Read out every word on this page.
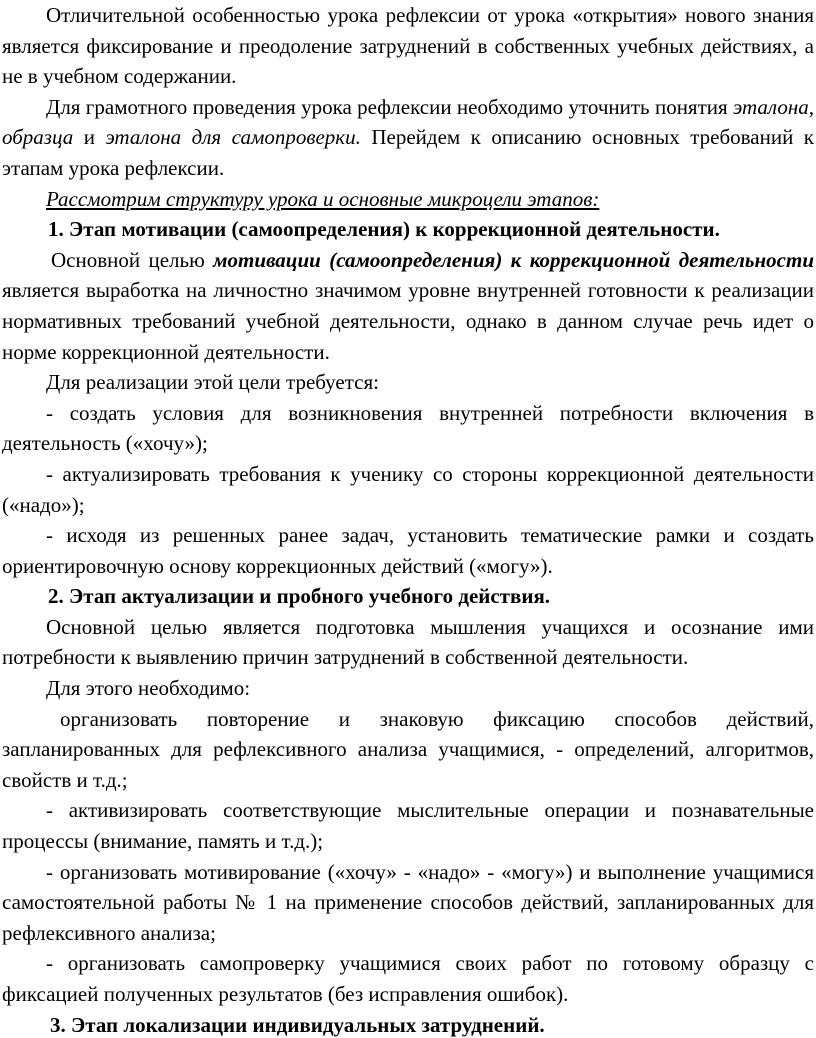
Отличительной особенностью урока рефлексии от урока «открытия» нового знания является фиксирование и преодоление затруднений в собственных учебных действиях, а не в учебном содержании.

Для грамотного проведения урока рефлексии необходимо уточнить понятия эталона, образца и эталона для самопроверки. Перейдем к описанию основных требований к этапам урока рефлексии.

Рассмотрим структуру урока и основные микроцели этапов:

1. Этап мотивации (самоопределения) к коррекционной деятельности.

Основной целью мотивации (самоопределения) к коррекционной деятельности является выработка на личностно значимом уровне внутренней готовности к реализации нормативных требований учебной деятельности, однако в данном случае речь идет о норме коррекционной деятельности.

Для реализации этой цели требуется:

- создать условия для возникновения внутренней потребности включения в деятельность («хочу»);

- актуализировать требования к ученику со стороны коррекционной деятельности («надо»);

- исходя из решенных ранее задач, установить тематические рамки и создать ориентировочную основу коррекционных действий («могу»).

2. Этап актуализации и пробного учебного действия.

Основной целью является подготовка мышления учащихся и осознание ими потребности к выявлению причин затруднений в собственной деятельности.

Для этого необходимо:

организовать повторение и знаковую фиксацию способов действий, запланированных для рефлексивного анализа учащимися, - определений, алгоритмов, свойств и т.д.;

- активизировать соответствующие мыслительные операции и познавательные процессы (внимание, память и т.д.);

- организовать мотивирование («хочу» - «надо» - «могу») и выполнение учащимися самостоятельной работы № 1 на применение способов действий, запланированных для рефлексивного анализа;

- организовать самопроверку учащимися своих работ по готовому образцу с фиксацией полученных результатов (без исправления ошибок).

3. Этап локализации индивидуальных затруднений.
